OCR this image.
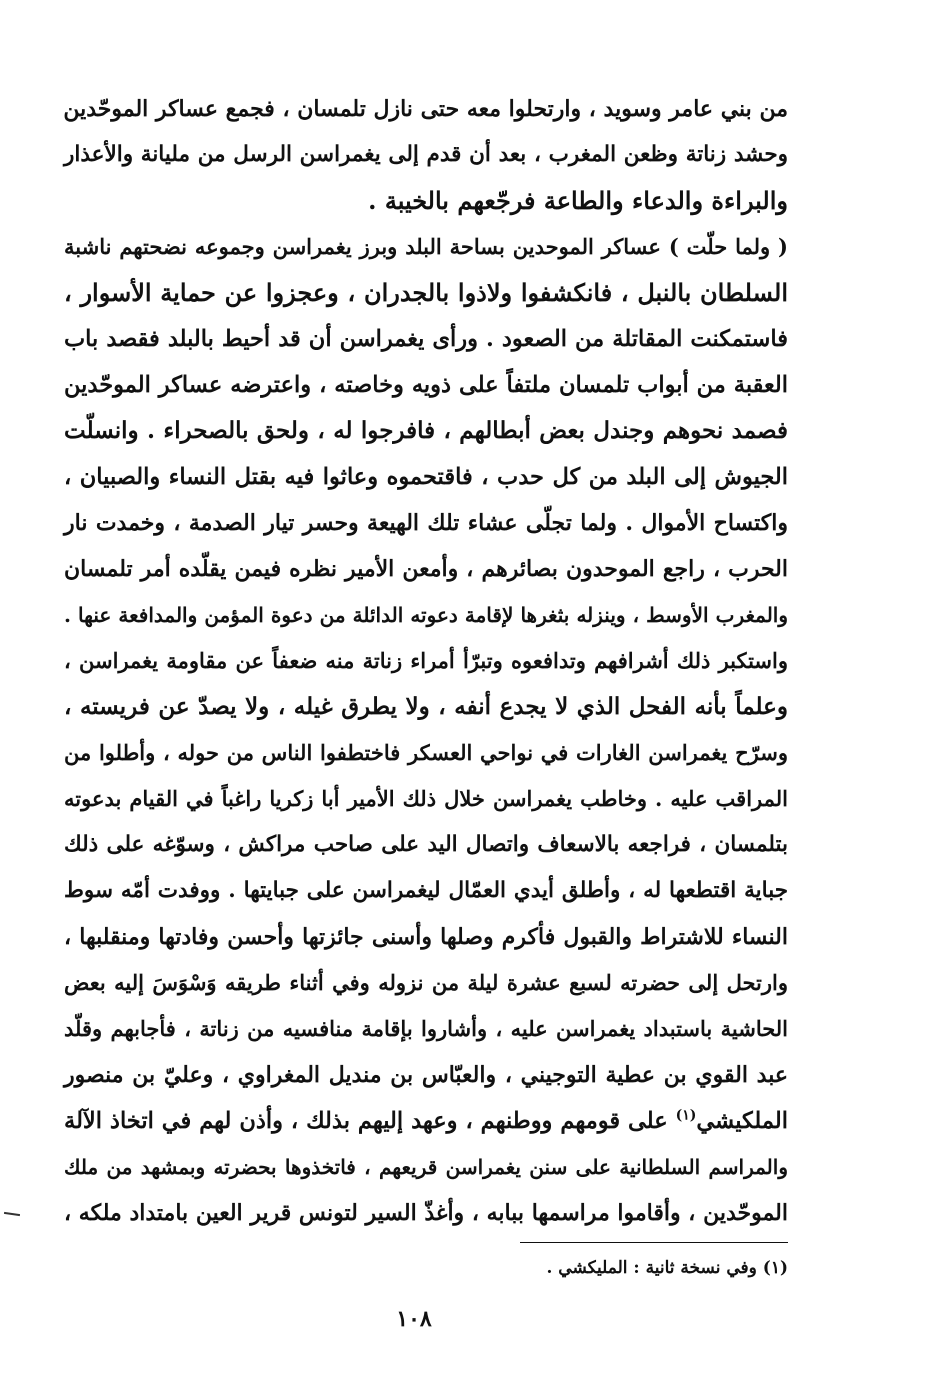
من بني عامر وسويد ، وارتحلوا معه حتى نازل تلمسان ، فجمع عساكر الموحّدين
وحشد زناتة وظعن المغرب ، بعد أن قدم إلى يغمراسن الرسل من مليانة والأعذار
والبراءة والدعاء والطاعة فرجّعهم بالخيبة .
( ولما حلّت ) عساكر الموحدين بساحة البلد وبرز يغمراسن وجموعه نضحتهم ناشبة
السلطان بالنبل ، فانكشفوا ولاذوا بالجدران ، وعجزوا عن حماية الأسوار ،
فاستمكنت المقاتلة من الصعود . ورأى يغمراسن أن قد أحيط بالبلد فقصد باب
العقبة من أبواب تلمسان ملتفاً على ذويه وخاصته ، واعترضه عساكر الموحّدين
فصمد نحوهم وجندل بعض أبطالهم ، فافرجوا له ، ولحق بالصحراء . وانسلّت
الجيوش إلى البلد من كل حدب ، فاقتحموه وعاثوا فيه بقتل النساء والصبيان ،
واكتساح الأموال . ولما تجلّى عشاء تلك الهيعة وحسر تيار الصدمة ، وخمدت نار
الحرب ، راجع الموحدون بصائرهم ، وأمعن الأمير نظره فيمن يقلّده أمر تلمسان
والمغرب الأوسط ، وينزله بثغرها لإقامة دعوته الدائلة من دعوة المؤمن والمدافعة عنها .
واستكبر ذلك أشرافهم وتدافعوه وتبرّأ أمراء زناتة منه ضعفاً عن مقاومة يغمراسن ،
وعلماً بأنه الفحل الذي لا يجدع أنفه ، ولا يطرق غيله ، ولا يصدّ عن فريسته ،
وسرّح يغمراسن الغارات في نواحي العسكر فاختطفوا الناس من حوله ، وأطلوا من
المراقب عليه . وخاطب يغمراسن خلال ذلك الأمير أبا زكريا راغباً في القيام بدعوته
بتلمسان ، فراجعه بالاسعاف واتصال اليد على صاحب مراكش ، وسوّغه على ذلك
جباية اقتطعها له ، وأطلق أيدي العمّال ليغمراسن على جبايتها . ووفدت أمّه سوط
النساء للاشتراط والقبول فأكرم وصلها وأسنى جائزتها وأحسن وفادتها ومنقلبها ،
وارتحل إلى حضرته لسبع عشرة ليلة من نزوله وفي أثناء طريقه وَسْوَسَ إليه بعض
الحاشية باستبداد يغمراسن عليه ، وأشاروا بإقامة منافسيه من زناتة ، فأجابهم وقلّد
عبد القوي بن عطية التوجيني ، والعبّاس بن منديل المغراوي ، وعليّ بن منصور
الملكيشي$^{(١)}$ على قومهم ووطنهم ، وعهد إليهم بذلك ، وأذن لهم في اتخاذ الآلة
والمراسم السلطانية على سنن يغمراسن قريعهم ، فاتخذوها بحضرته وبمشهد من ملك
الموحّدين ، وأقاموا مراسمها ببابه ، وأغذّ السير لتونس قرير العين بامتداد ملكه ،
(١) وفي نسخة ثانية : المليكشي .
١٠٨
